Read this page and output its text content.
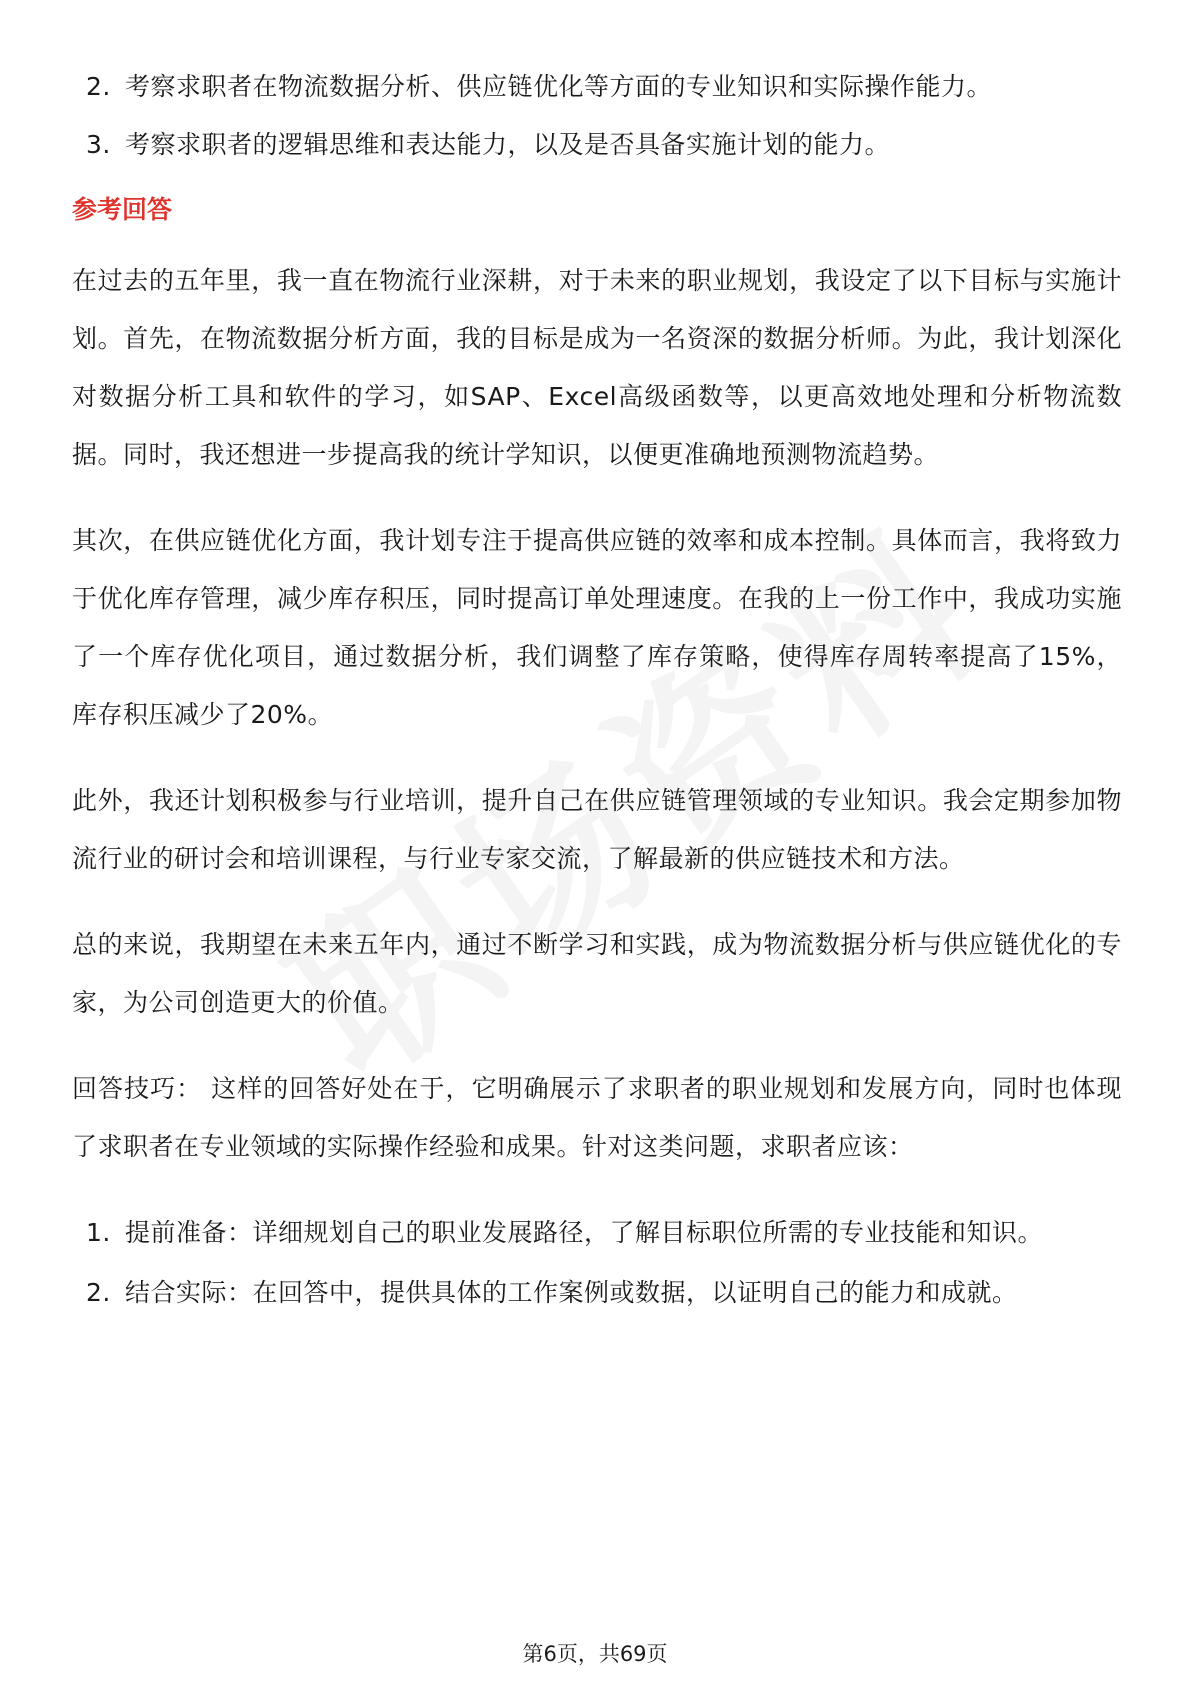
2. 考察求职者在物流数据分析、供应链优化等方面的专业知识和实际操作能力。
3. 考察求职者的逻辑思维和表达能力，以及是否具备实施计划的能力。
参考回答

在过去的五年里，我一直在物流行业深耕，对于未来的职业规划，我设定了以下目标与实施计划。首先，在物流数据分析方面，我的目标是成为一名资深的数据分析师。为此，我计划深化对数据分析工具和软件的学习，如SAP、Excel高级函数等，以更高效地处理和分析物流数据。同时，我还想进一步提高我的统计学知识，以便更准确地预测物流趋势。

其次，在供应链优化方面，我计划专注于提高供应链的效率和成本控制。具体而言，我将致力于优化库存管理，减少库存积压，同时提高订单处理速度。在我的上一份工作中，我成功实施了一个库存优化项目，通过数据分析，我们调整了库存策略，使得库存周转率提高了15%，库存积压减少了20%。

此外，我还计划积极参与行业培训，提升自己在供应链管理领域的专业知识。我会定期参加物流行业的研讨会和培训课程，与行业专家交流，了解最新的供应链技术和方法。

总的来说，我期望在未来五年内，通过不断学习和实践，成为物流数据分析与供应链优化的专家，为公司创造更大的价值。

回答技巧： 这样的回答好处在于，它明确展示了求职者的职业规划和发展方向，同时也体现了求职者在专业领域的实际操作经验和成果。针对这类问题，求职者应该：

1. 提前准备：详细规划自己的职业发展路径，了解目标职位所需的专业技能和知识。
2. 结合实际：在回答中，提供具体的工作案例或数据，以证明自己的能力和成就。
第6页，共69页
